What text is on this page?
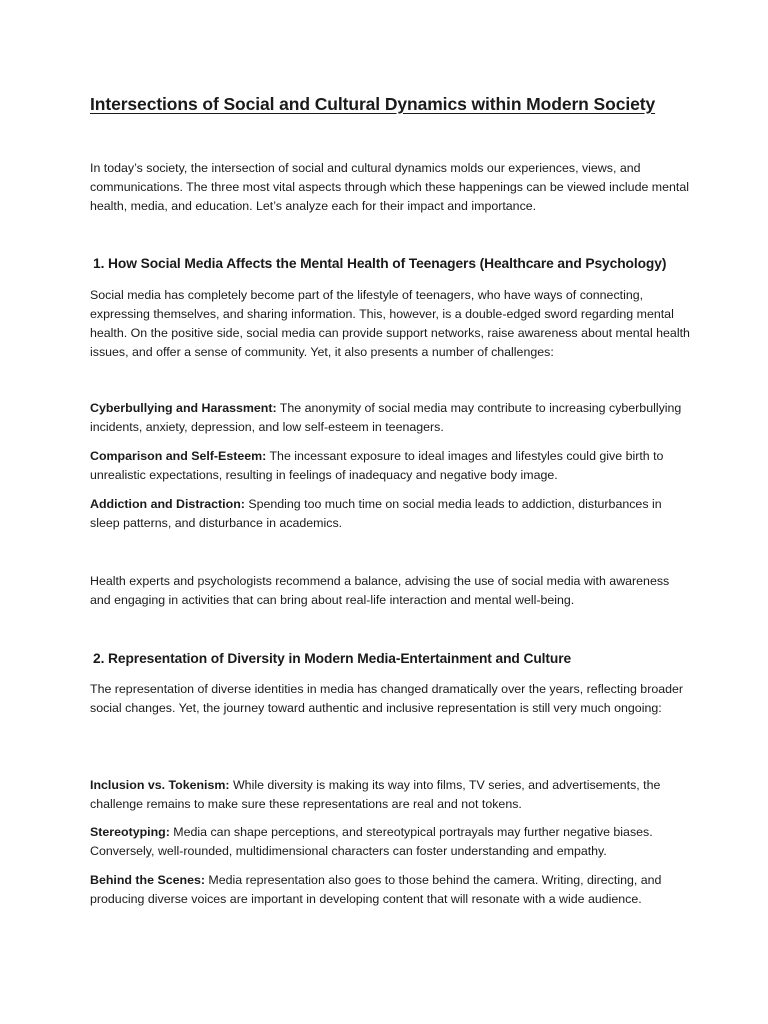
Intersections of Social and Cultural Dynamics within Modern Society

In today’s society, the intersection of social and cultural dynamics molds our experiences, views, and communications. The three most vital aspects through which these happenings can be viewed include mental health, media, and education. Let’s analyze each for their impact and importance.

1. How Social Media Affects the Mental Health of Teenagers (Healthcare and Psychology)

Social media has completely become part of the lifestyle of teenagers, who have ways of connecting, expressing themselves, and sharing information. This, however, is a double-edged sword regarding mental health. On the positive side, social media can provide support networks, raise awareness about mental health issues, and offer a sense of community. Yet, it also presents a number of challenges:

Cyberbullying and Harassment: The anonymity of social media may contribute to increasing cyberbullying incidents, anxiety, depression, and low self-esteem in teenagers.

Comparison and Self-Esteem: The incessant exposure to ideal images and lifestyles could give birth to unrealistic expectations, resulting in feelings of inadequacy and negative body image.

Addiction and Distraction: Spending too much time on social media leads to addiction, disturbances in sleep patterns, and disturbance in academics.

Health experts and psychologists recommend a balance, advising the use of social media with awareness and engaging in activities that can bring about real-life interaction and mental well-being.

2. Representation of Diversity in Modern Media-Entertainment and Culture

The representation of diverse identities in media has changed dramatically over the years, reflecting broader social changes. Yet, the journey toward authentic and inclusive representation is still very much ongoing:

Inclusion vs. Tokenism: While diversity is making its way into films, TV series, and advertisements, the challenge remains to make sure these representations are real and not tokens.

Stereotyping: Media can shape perceptions, and stereotypical portrayals may further negative biases. Conversely, well-rounded, multidimensional characters can foster understanding and empathy.

Behind the Scenes: Media representation also goes to those behind the camera. Writing, directing, and producing diverse voices are important in developing content that will resonate with a wide audience.
